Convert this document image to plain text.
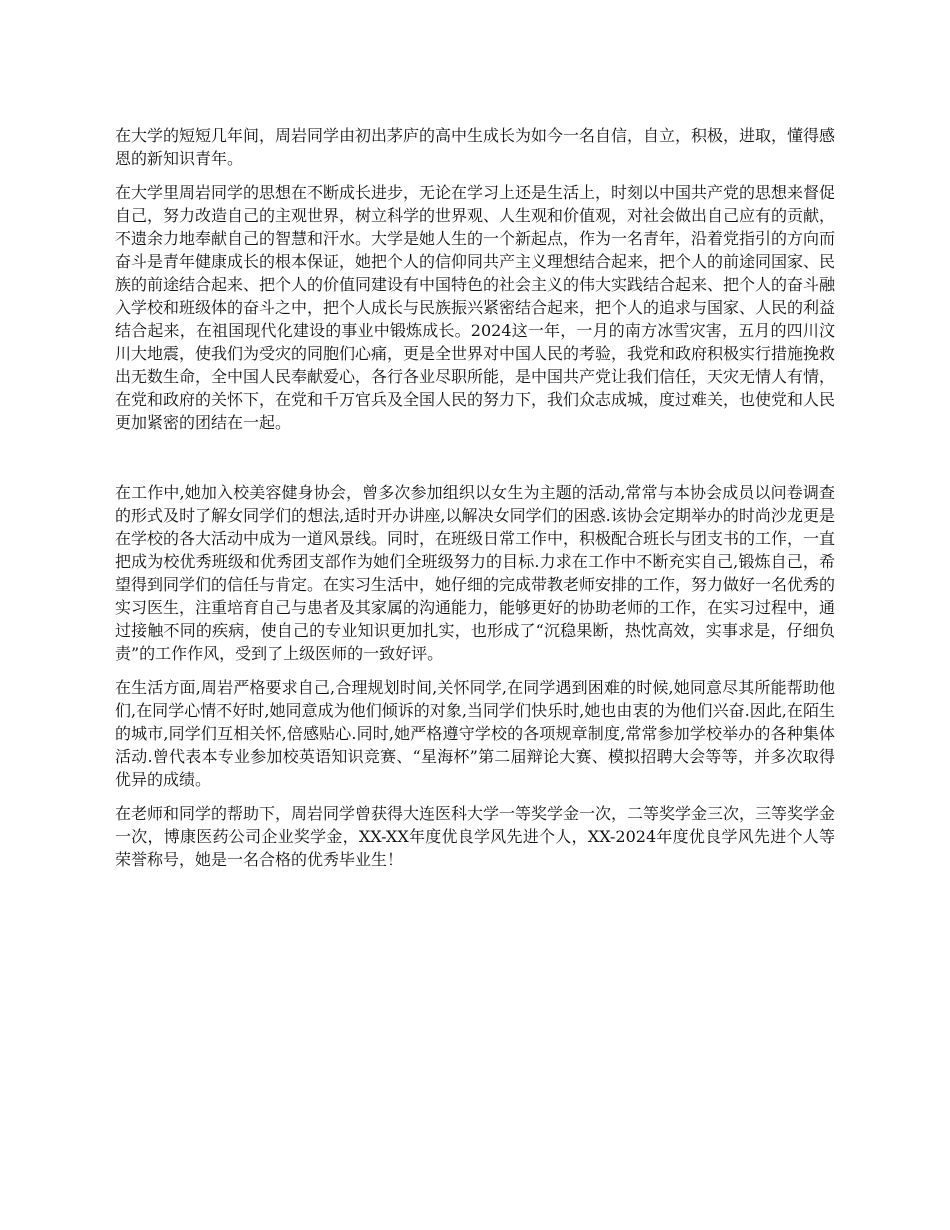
在大学的短短几年间，周岩同学由初出茅庐的高中生成长为如今一名自信，自立，积极，进取，懂得感恩的新知识青年。

在大学里周岩同学的思想在不断成长进步，无论在学习上还是生活上，时刻以中国共产党的思想来督促自己，努力改造自己的主观世界，树立科学的世界观、人生观和价值观，对社会做出自己应有的贡献，不遗余力地奉献自己的智慧和汗水。大学是她人生的一个新起点，作为一名青年，沿着党指引的方向而奋斗是青年健康成长的根本保证，她把个人的信仰同共产主义理想结合起来，把个人的前途同国家、民族的前途结合起来、把个人的价值同建设有中国特色的社会主义的伟大实践结合起来、把个人的奋斗融入学校和班级体的奋斗之中，把个人成长与民族振兴紧密结合起来，把个人的追求与国家、人民的利益结合起来，在祖国现代化建设的事业中锻炼成长。2024这一年，一月的南方冰雪灾害，五月的四川汶川大地震，使我们为受灾的同胞们心痛，更是全世界对中国人民的考验，我党和政府积极实行措施挽救出无数生命，全中国人民奉献爱心，各行各业尽职所能，是中国共产党让我们信任，天灾无情人有情，在党和政府的关怀下，在党和千万官兵及全国人民的努力下，我们众志成城，度过难关，也使党和人民更加紧密的团结在一起。

在工作中,她加入校美容健身协会，曾多次参加组织以女生为主题的活动,常常与本协会成员以问卷调查的形式及时了解女同学们的想法,适时开办讲座,以解决女同学们的困惑.该协会定期举办的时尚沙龙更是在学校的各大活动中成为一道风景线。同时，在班级日常工作中，积极配合班长与团支书的工作，一直把成为校优秀班级和优秀团支部作为她们全班级努力的目标.力求在工作中不断充实自己,锻炼自己，希望得到同学们的信任与肯定。在实习生活中，她仔细的完成带教老师安排的工作，努力做好一名优秀的实习医生，注重培育自己与患者及其家属的沟通能力，能够更好的协助老师的工作，在实习过程中，通过接触不同的疾病，使自己的专业知识更加扎实，也形成了“沉稳果断，热忱高效，实事求是，仔细负责”的工作作风，受到了上级医师的一致好评。

在生活方面,周岩严格要求自己,合理规划时间,关怀同学,在同学遇到困难的时候,她同意尽其所能帮助他们,在同学心情不好时,她同意成为他们倾诉的对象,当同学们快乐时,她也由衷的为他们兴奋.因此,在陌生的城市,同学们互相关怀,倍感贴心.同时,她严格遵守学校的各项规章制度,常常参加学校举办的各种集体活动.曾代表本专业参加校英语知识竞赛、“星海杯”第二届辩论大赛、模拟招聘大会等等，并多次取得优异的成绩。

在老师和同学的帮助下，周岩同学曾获得大连医科大学一等奖学金一次，二等奖学金三次，三等奖学金一次，博康医药公司企业奖学金，XX-XX年度优良学风先进个人，XX-2024年度优良学风先进个人等荣誉称号，她是一名合格的优秀毕业生！
